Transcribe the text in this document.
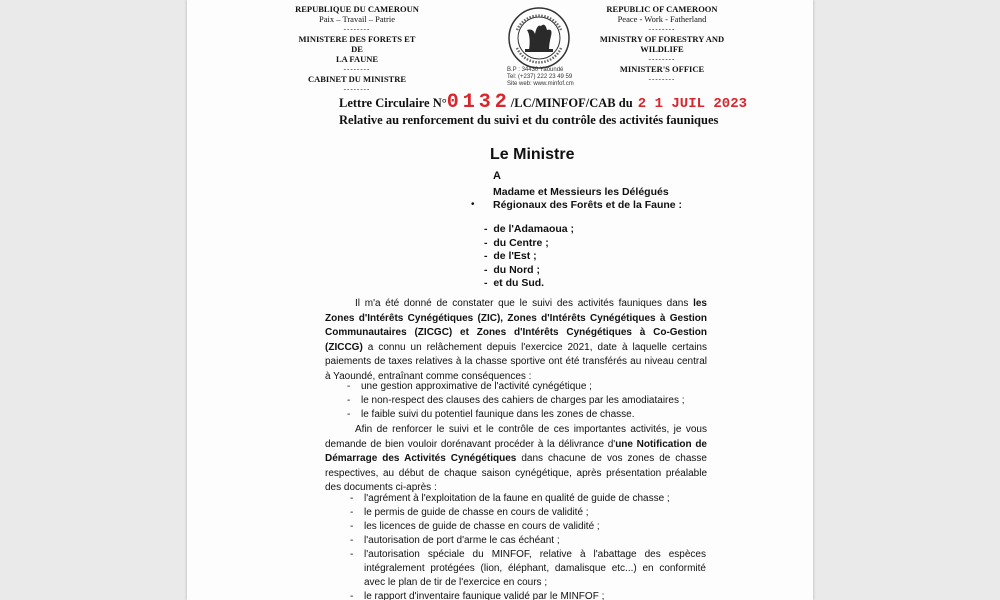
REPUBLIQUE DU CAMEROUN
Paix – Travail – Patrie
--------
MINISTERE DES FORETS ET DE
LA FAUNE
--------
CABINET DU MINISTRE
--------
B.P : 34430 Yaoundé
Tel: (+237) 222 23 49 59
Site web: www.minfof.cm
REPUBLIC OF CAMEROON
Peace - Work - Fatherland
--------
MINISTRY OF FORESTRY AND
WILDLIFE
--------
MINISTER'S OFFICE
--------
Lettre Circulaire N°0132/LC/MINFOF/CAB du 2 1 JUIL 2023
Relative au renforcement du suivi et du contrôle des activités fauniques
Le Ministre
A
Madame et Messieurs les Délégués
Régionaux des Forêts et de la Faune :
•
-  de l'Adamaoua ;
-  du Centre ;
-  de l'Est ;
-  du Nord ;
-  et du Sud.
Il m'a été donné de constater que le suivi des activités fauniques dans les Zones d'Intérêts Cynégétiques (ZIC), Zones d'Intérêts Cynégétiques à Gestion Communautaires (ZICGC) et Zones d'Intérêts Cynégétiques à Co-Gestion (ZICCG) a connu un relâchement depuis l'exercice 2021, date à laquelle certains paiements de taxes relatives à la chasse sportive ont été transférés au niveau central à Yaoundé, entraînant comme conséquences :
- une gestion approximative de l'activité cynégétique ;
- le non-respect des clauses des cahiers de charges par les amodiataires ;
- le faible suivi du potentiel faunique dans les zones de chasse.
Afin de renforcer le suivi et le contrôle de ces importantes activités, je vous demande de bien vouloir dorénavant procéder à la délivrance d'une Notification de Démarrage des Activités Cynégétiques dans chacune de vos zones de chasse respectives, au début de chaque saison cynégétique, après présentation préalable des documents ci-après :
- l'agrément à l'exploitation de la faune en qualité de guide de chasse ;
- le permis de guide de chasse en cours de validité ;
- les licences de guide de chasse en cours de validité ;
- l'autorisation de port d'arme le cas échéant ;
- l'autorisation spéciale du MINFOF, relative à l'abattage des espèces intégralement protégées (lion, éléphant, damalisque etc...) en conformité avec le plan de tir de l'exercice en cours ;
- le rapport d'inventaire faunique validé par le MINFOF ;
